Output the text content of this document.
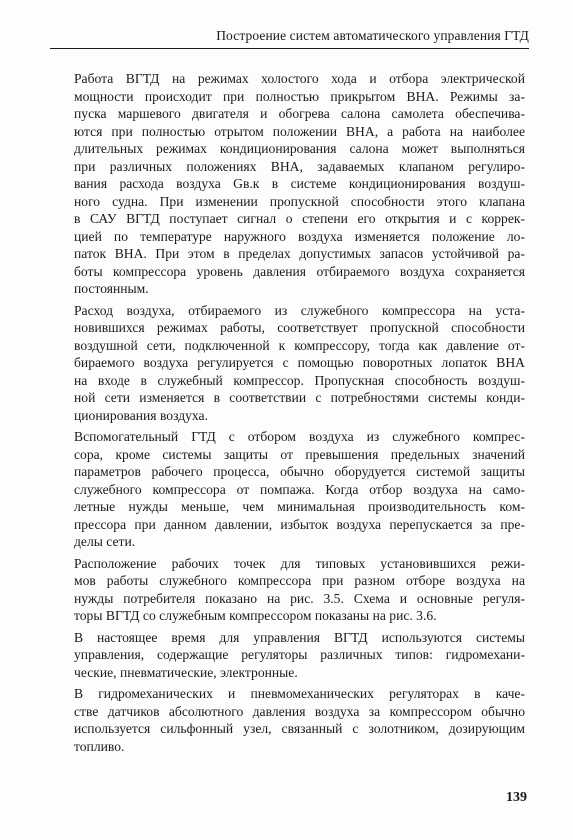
Построение систем автоматического управления ГТД

Работа ВГТД на режимах холостого хода и отбора электрической
мощности происходит при полностью прикрытом ВНА. Режимы за-
пуска маршевого двигателя и обогрева салона самолета обеспечива-
ются при полностью отрытом положении ВНА, а работа на наиболее
длительных режимах кондиционирования салона может выполняться
при различных положениях ВНА, задаваемых клапаном регулиро-
вания расхода воздуха Gв.к в системе кондиционирования воздуш-
ного судна. При изменении пропускной способности этого клапана
в САУ ВГТД поступает сигнал о степени его открытия и с коррек-
цией по температуре наружного воздуха изменяется положение ло-
паток ВНА. При этом в пределах допустимых запасов устойчивой ра-
боты компрессора уровень давления отбираемого воздуха сохраняется
постоянным.

Расход воздуха, отбираемого из служебного компрессора на уста-
новившихся режимах работы, соответствует пропускной способности
воздушной сети, подключенной к компрессору, тогда как давление от-
бираемого воздуха регулируется с помощью поворотных лопаток ВНА
на входе в служебный компрессор. Пропускная способность воздуш-
ной сети изменяется в соответствии с потребностями системы конди-
ционирования воздуха.

Вспомогательный ГТД с отбором воздуха из служебного компрес-
сора, кроме системы защиты от превышения предельных значений
параметров рабочего процесса, обычно оборудуется системой защиты
служебного компрессора от помпажа. Когда отбор воздуха на само-
летные нужды меньше, чем минимальная производительность ком-
прессора при данном давлении, избыток воздуха перепускается за пре-
делы сети.

Расположение рабочих точек для типовых установившихся режи-
мов работы служебного компрессора при разном отборе воздуха на
нужды потребителя показано на рис. 3.5. Схема и основные регуля-
торы ВГТД со служебным компрессором показаны на рис. 3.6.

В настоящее время для управления ВГТД используются системы
управления, содержащие регуляторы различных типов: гидромехани-
ческие, пневматические, электронные.

В гидромеханических и пневмомеханических регуляторах в каче-
стве датчиков абсолютного давления воздуха за компрессором обычно
используется сильфонный узел, связанный с золотником, дозирующим
топливо.

139
